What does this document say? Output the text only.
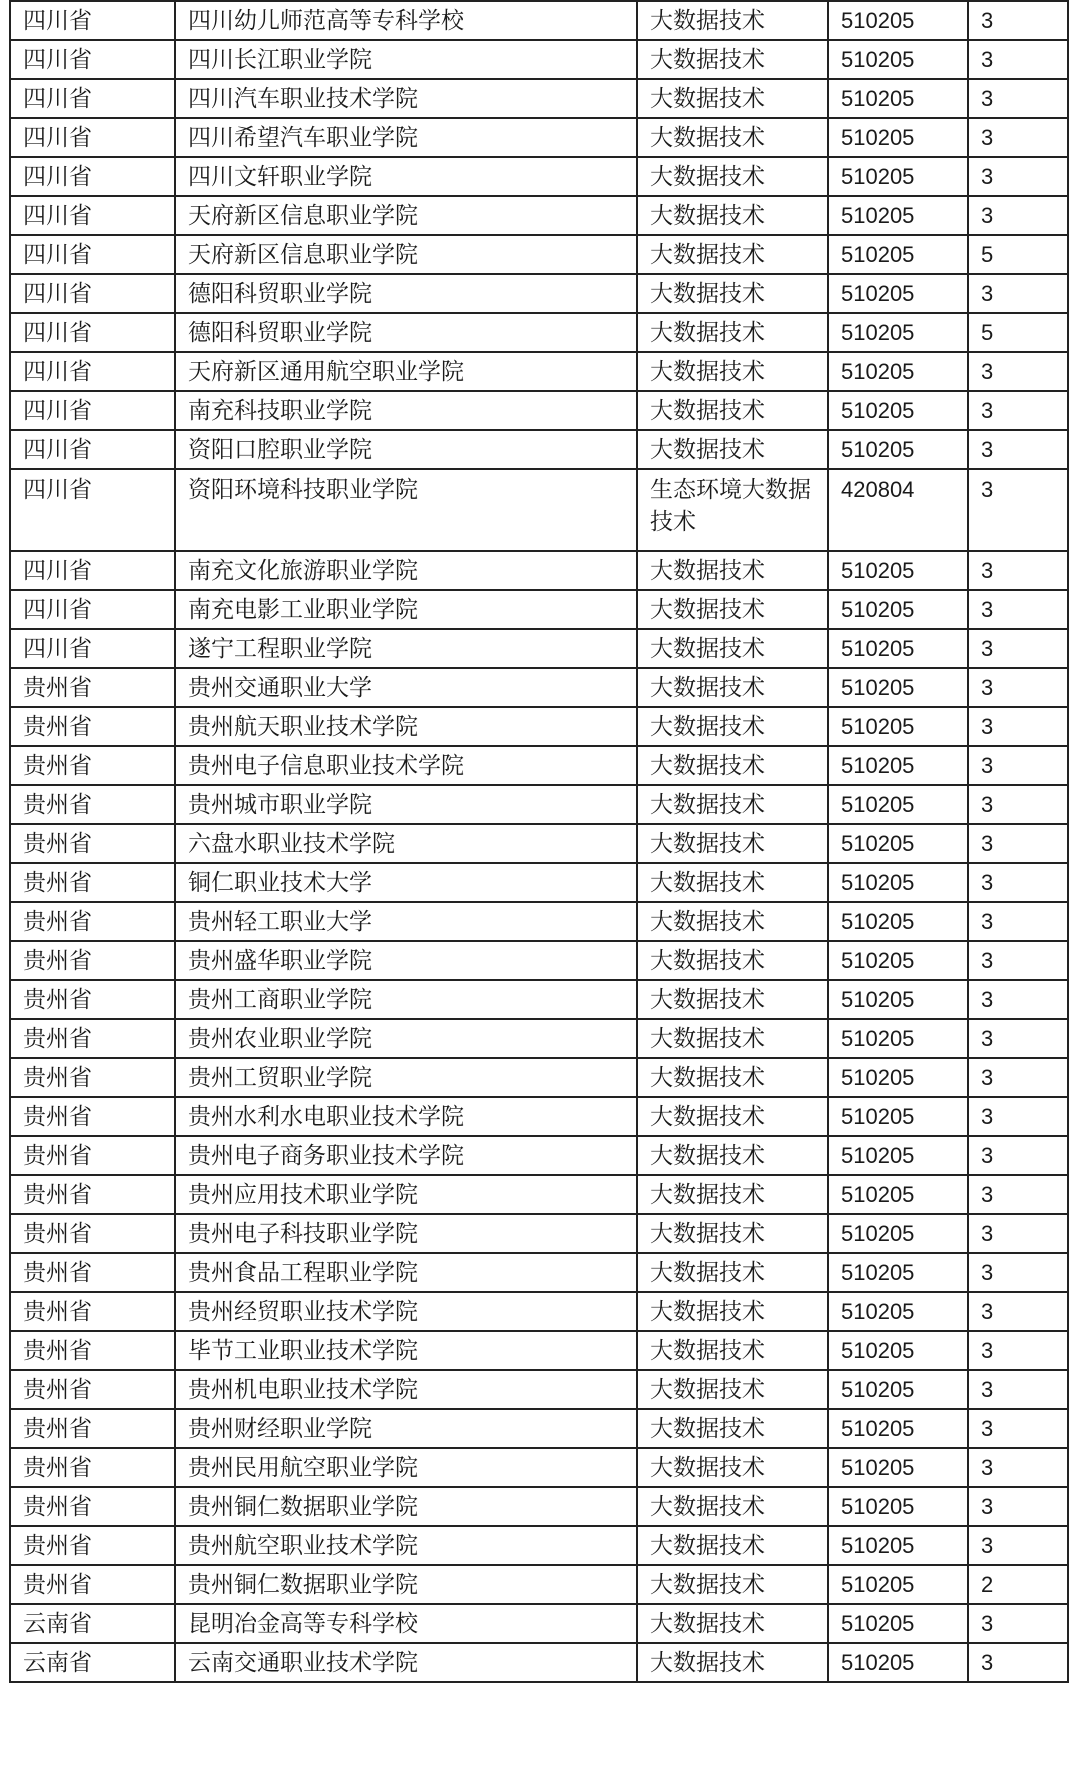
四川省	四川幼儿师范高等专科学校	大数据技术	510205	3
四川省	四川长江职业学院	大数据技术	510205	3
四川省	四川汽车职业技术学院	大数据技术	510205	3
四川省	四川希望汽车职业学院	大数据技术	510205	3
四川省	四川文轩职业学院	大数据技术	510205	3
四川省	天府新区信息职业学院	大数据技术	510205	3
四川省	天府新区信息职业学院	大数据技术	510205	5
四川省	德阳科贸职业学院	大数据技术	510205	3
四川省	德阳科贸职业学院	大数据技术	510205	5
四川省	天府新区通用航空职业学院	大数据技术	510205	3
四川省	南充科技职业学院	大数据技术	510205	3
四川省	资阳口腔职业学院	大数据技术	510205	3
四川省	资阳环境科技职业学院	生态环境大数据技术	420804	3
四川省	南充文化旅游职业学院	大数据技术	510205	3
四川省	南充电影工业职业学院	大数据技术	510205	3
四川省	遂宁工程职业学院	大数据技术	510205	3
贵州省	贵州交通职业大学	大数据技术	510205	3
贵州省	贵州航天职业技术学院	大数据技术	510205	3
贵州省	贵州电子信息职业技术学院	大数据技术	510205	3
贵州省	贵州城市职业学院	大数据技术	510205	3
贵州省	六盘水职业技术学院	大数据技术	510205	3
贵州省	铜仁职业技术大学	大数据技术	510205	3
贵州省	贵州轻工职业大学	大数据技术	510205	3
贵州省	贵州盛华职业学院	大数据技术	510205	3
贵州省	贵州工商职业学院	大数据技术	510205	3
贵州省	贵州农业职业学院	大数据技术	510205	3
贵州省	贵州工贸职业学院	大数据技术	510205	3
贵州省	贵州水利水电职业技术学院	大数据技术	510205	3
贵州省	贵州电子商务职业技术学院	大数据技术	510205	3
贵州省	贵州应用技术职业学院	大数据技术	510205	3
贵州省	贵州电子科技职业学院	大数据技术	510205	3
贵州省	贵州食品工程职业学院	大数据技术	510205	3
贵州省	贵州经贸职业技术学院	大数据技术	510205	3
贵州省	毕节工业职业技术学院	大数据技术	510205	3
贵州省	贵州机电职业技术学院	大数据技术	510205	3
贵州省	贵州财经职业学院	大数据技术	510205	3
贵州省	贵州民用航空职业学院	大数据技术	510205	3
贵州省	贵州铜仁数据职业学院	大数据技术	510205	3
贵州省	贵州航空职业技术学院	大数据技术	510205	3
贵州省	贵州铜仁数据职业学院	大数据技术	510205	2
云南省	昆明冶金高等专科学校	大数据技术	510205	3
云南省	云南交通职业技术学院	大数据技术	510205	3
